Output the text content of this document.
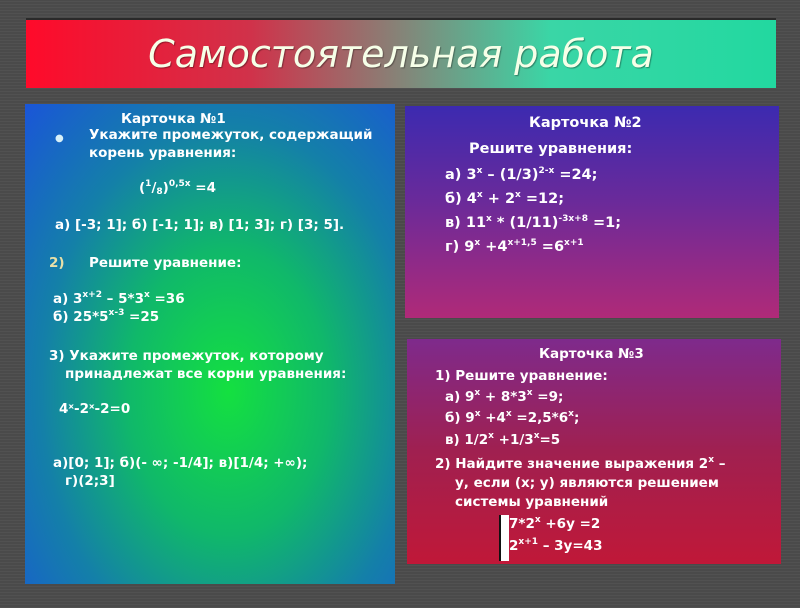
Самостоятельная работа
Карточка №1
● Укажите промежуток, содержащий
корень уравнения:
$(^1/_8)^{0,5x} =4$
а) [-3; 1]; б) [-1; 1]; в) [1; 3]; г) [3; 5].
2) Решите уравнение:
а) $3^{x+2} - 5*3^x =36$
б) $25*5^{x-3} =25$
3) Укажите промежуток, которому
принадлежат все корни уравнения:
4ˣ-2ˣ-2=0
а)[0; 1]; б)(- ∞; -1/4]; в)[1/4; +∞);
г)(2;3]
Карточка №2
Решите уравнения:
а) $3^x - (1/3)^{2-x} =24$;
б) $4^x + 2^x =12$;
в) $11^x * (1/11)^{-3x+8} =1$;
г) $9^x +4^{x+1,5} =6^{x+1}$
Карточка №3
1) Решите уравнение:
а) $9^x + 8*3^x =9$;
б) $9^x +4^x =2,5*6^x$;
в) $1/2^x +1/3^x=5$
2) Найдите значение выражения 2$^x$ –
у, если (х; у) являются решением
системы уравнений
$7*2^x +6у =2$
$2^{x+1} - 3у=43$
